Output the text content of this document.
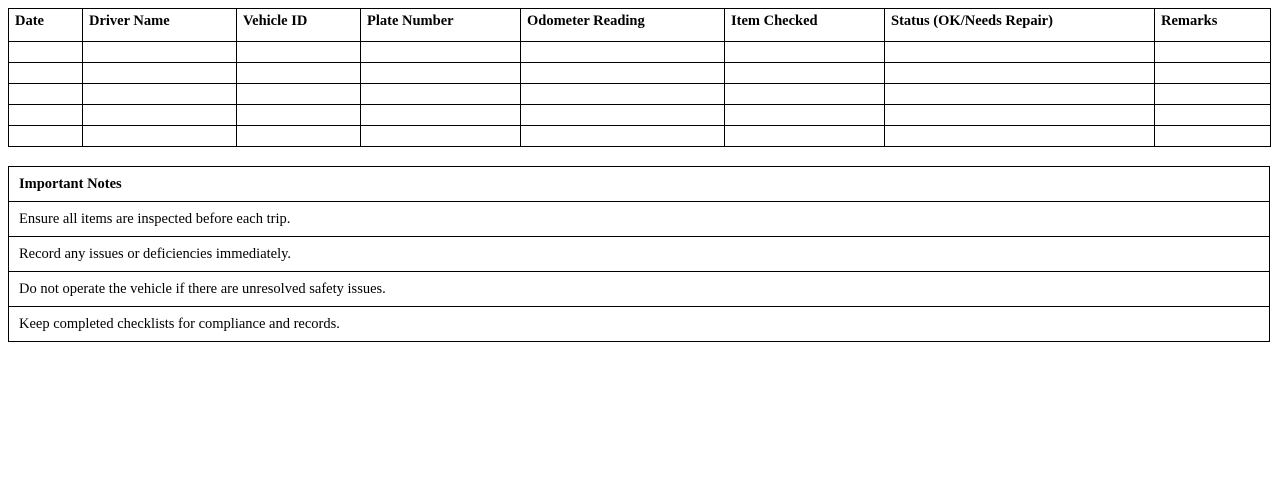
Date	Driver Name	Vehicle ID	Plate Number	Odometer Reading	Item Checked	Status (OK/Needs Repair)	Remarks

Important Notes
Ensure all items are inspected before each trip.
Record any issues or deficiencies immediately.
Do not operate the vehicle if there are unresolved safety issues.
Keep completed checklists for compliance and records.
